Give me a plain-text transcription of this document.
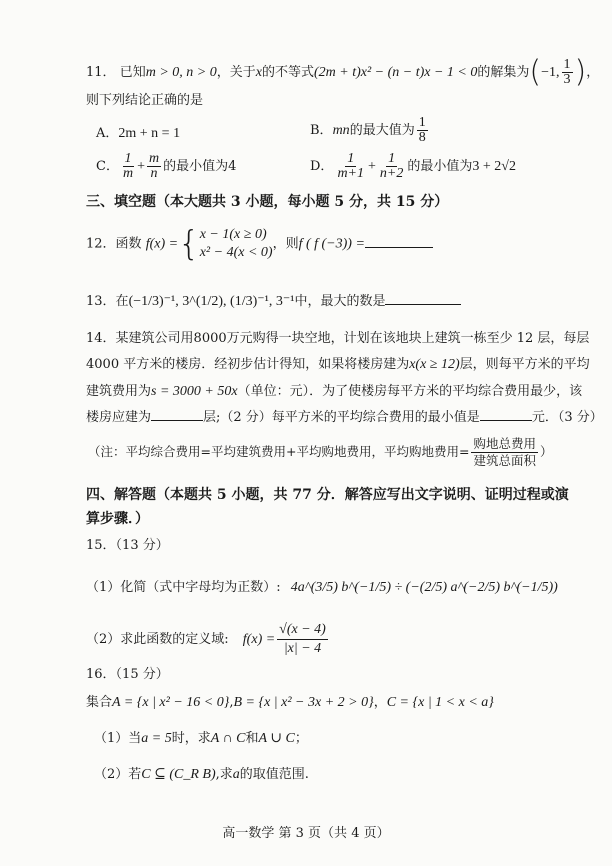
11． 已知m > 0, n > 0，关于x的不等式(2m + t)x² − (n − t)x − 1 < 0的解集为(−1, $\frac{1}{3}$ )，
则下列结论正确的是
A．2m + n = 1	B．mn的最大值为 $\frac{1}{8}$
C． $\frac{1}{m} + \frac{m}{n}$ 的最小值为4	D． $\frac{1}{m+1} + \frac{1}{n+2}$ 的最小值为3 + 2√2
三、填空题（本大题共 3 小题，每小题 5 分，共 15 分）
12．函数 f(x) ={ x − 1(x ≥ 0)
x² − 4(x < 0)
，则f ( f (−3)) =
13．在(−1/3)⁻¹, 3^(1/2), (1/3)⁻¹, 3⁻¹中，最大的数是
14．某建筑公司用8000万元购得一块空地，计划在该地块上建筑一栋至少 12 层，每层
4000 平方米的楼房．经初步估计得知，如果将楼房建为x(x ≥ 12)层，则每平方米的平均
建筑费用为s = 3000 + 50x（单位：元）．为了使楼房每平方米的平均综合费用最少，该
楼房应建为	层;（2 分）每平方米的平均综合费用的最小值是	元．（3 分）
（注：平均综合费用=平均建筑费用+平均购地费用，平均购地费用= $\frac{\text{购地总费用}}{\text{建筑总面积}}$ ）
四、解答题（本题共 5 小题，共 77 分．解答应写出文字说明、证明过程或演
算步骤．）
15．（13 分）
（1）化简（式中字母均为正数）: 4a^(3/5) b^(−1/5) ÷ (−(2/5) a^(−2/5) b^(−1/5))
（2）求此函数的定义域: $f(x) = \frac{√(x - 4)}{|x| - 4}$
16．（15 分）
集合A = {x | x² − 16 < 0},B = {x | x² − 3x + 2 > 0}，C = {x | 1 < x < a}
（1）当a = 5时，求A ∩ C和A ∪ C；
（2）若C ⊆ (C_R B),求a的取值范围.
高一数学 第 3 页（共 4 页）
